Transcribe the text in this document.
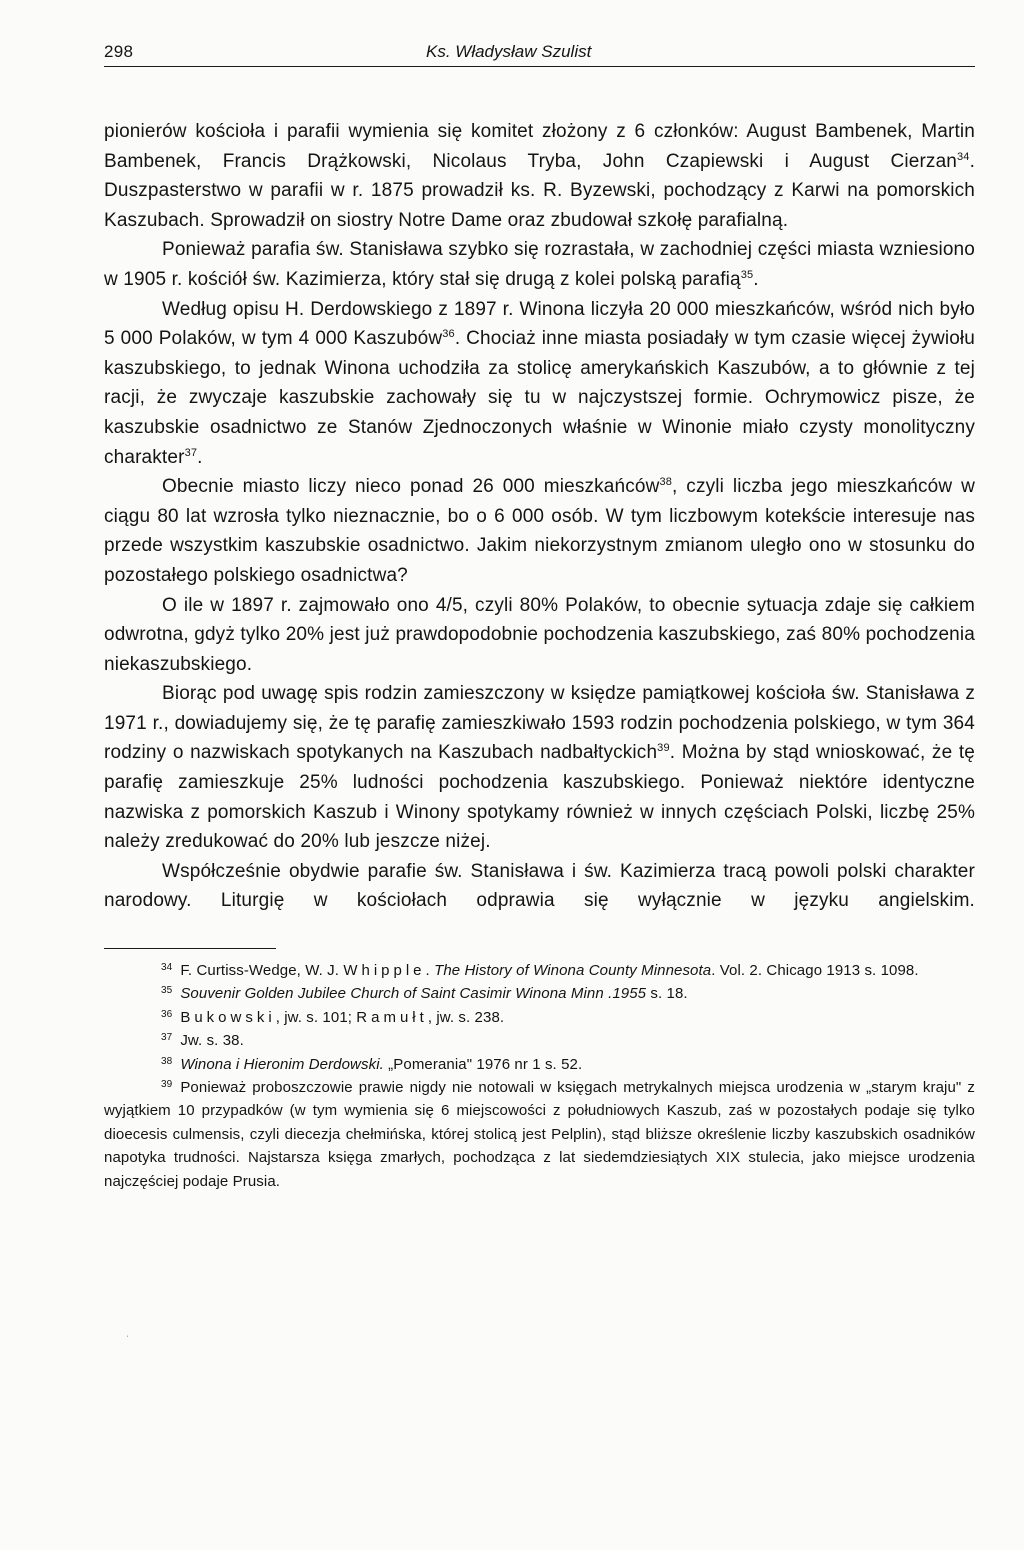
298	Ks. Władysław Szulist

pionierów kościoła i parafii wymienia się komitet złożony z 6 członków: August Bambenek, Martin Bambenek, Francis Drążkowski, Nicolaus Tryba, John Czapiewski i August Cierzan$^{34}$. Duszpasterstwo w parafii w r. 1875 prowadził ks. R. Byzewski, pochodzący z Karwi na pomorskich Kaszubach. Sprowadził on siostry Notre Dame oraz zbudował szkołę parafialną.

Ponieważ parafia św. Stanisława szybko się rozrastała, w zachodniej części miasta wzniesiono w 1905 r. kościół św. Kazimierza, który stał się drugą z kolei polską parafią$^{35}$.

Według opisu H. Derdowskiego z 1897 r. Winona liczyła 20 000 mieszkańców, wśród nich było 5 000 Polaków, w tym 4 000 Kaszubów$^{36}$. Chociaż inne miasta posiadały w tym czasie więcej żywiołu kaszubskiego, to jednak Winona uchodziła za stolicę amerykańskich Kaszubów, a to głównie z tej racji, że zwyczaje kaszubskie zachowały się tu w najczystszej formie. Ochrymowicz pisze, że kaszubskie osadnictwo ze Stanów Zjednoczonych właśnie w Winonie miało czysty monolityczny charakter$^{37}$.

Obecnie miasto liczy nieco ponad 26 000 mieszkańców$^{38}$, czyli liczba jego mieszkańców w ciągu 80 lat wzrosła tylko nieznacznie, bo o 6 000 osób. W tym liczbowym kotekście interesuje nas przede wszystkim kaszubskie osadnictwo. Jakim niekorzystnym zmianom uległo ono w stosunku do pozostałego polskiego osadnictwa?

O ile w 1897 r. zajmowało ono 4/5, czyli 80% Polaków, to obecnie sytuacja zdaje się całkiem odwrotna, gdyż tylko 20% jest już prawdopodobnie pochodzenia kaszubskiego, zaś 80% pochodzenia niekaszubskiego.

Biorąc pod uwagę spis rodzin zamieszczony w księdze pamiątkowej kościoła św. Stanisława z 1971 r., dowiadujemy się, że tę parafię zamieszkiwało 1593 rodzin pochodzenia polskiego, w tym 364 rodziny o nazwiskach spotykanych na Kaszubach nadbałtyckich$^{39}$. Można by stąd wnioskować, że tę parafię zamieszkuje 25% ludności pochodzenia kaszubskiego. Ponieważ niektóre identyczne nazwiska z pomorskich Kaszub i Winony spotykamy również w innych częściach Polski, liczbę 25% należy zredukować do 20% lub jeszcze niżej.

Współcześnie obydwie parafie św. Stanisława i św. Kazimierza tracą powoli polski charakter narodowy. Liturgię w kościołach odprawia się wyłącznie w języku angielskim.

$^{34}$ F. Curtiss-Wedge, W. J. Whipple. The History of Winona County Minnesota. Vol. 2. Chicago 1913 s. 1098.

$^{35}$ Souvenir Golden Jubilee Church of Saint Casimir Winona Minn .1955 s. 18.

$^{36}$ Bukowski, jw. s. 101; Ramułt, jw. s. 238.

$^{37}$ Jw. s. 38.

$^{38}$ Winona i Hieronim Derdowski. „Pomerania" 1976 nr 1 s. 52.

$^{39}$ Ponieważ proboszczowie prawie nigdy nie notowali w księgach metrykalnych miejsca urodzenia w „starym kraju" z wyjątkiem 10 przypadków (w tym wymienia się 6 miejscowości z południowych Kaszub, zaś w pozostałych podaje się tylko dioecesis culmensis, czyli diecezja chełmińska, której stolicą jest Pelplin), stąd bliższe określenie liczby kaszubskich osadników napotyka trudności. Najstarsza księga zmarłych, pochodząca z lat siedemdziesiątych XIX stulecia, jako miejsce urodzenia najczęściej podaje Prusia.

ˌ
